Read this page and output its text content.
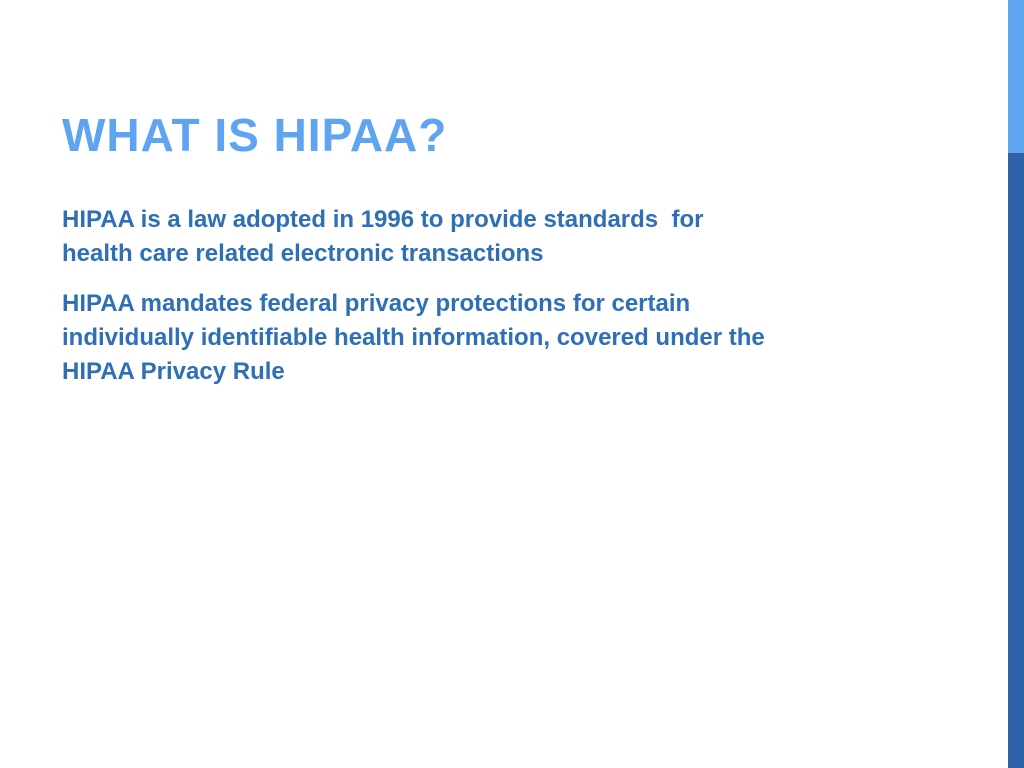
WHAT IS HIPAA?

HIPAA is a law adopted in 1996 to provide standards  for
health care related electronic transactions

HIPAA mandates federal privacy protections for certain
individually identifiable health information, covered under the
HIPAA Privacy Rule
